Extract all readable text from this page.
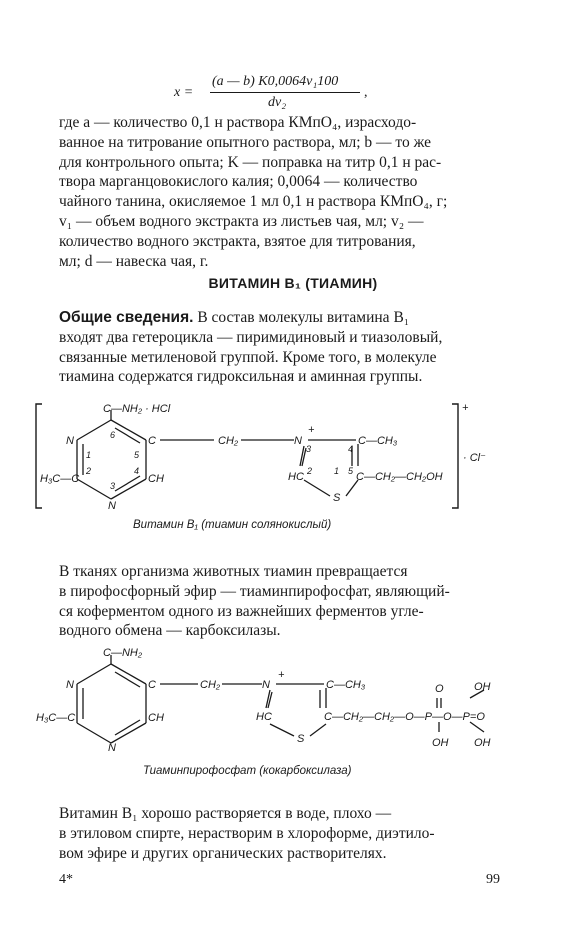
x =
(a — b) K0,0064v₁100
dv₂
,
где a — количество 0,1 н раствора КМпО₄, израсходо-
ванное на титрование опытного раствора, мл; b — то же
для контрольного опыта; K — поправка на титр 0,1 н рас-
твора марганцовокислого калия; 0,0064 — количество
чайного танина, окисляемое 1 мл 0,1 н раствора КМпО₄, г;
v₁ — объем водного экстракта из листьев чая, мл; v₂ —
количество водного экстракта, взятое для титрования,
мл; d — навеска чая, г.
ВИТАМИН В₁ (ТИАМИН)
Общие сведения. В состав молекулы витамина В₁
входят два гетероцикла — пиримидиновый и тиазоловый,
связанные метиленовой группой. Кроме того, в молекуле
тиамина содержатся гидроксильная и аминная группы.
+
· Cl⁻
C—NH₂ · HCl
N
H₃C—C	CH
C
N
1
2
3
4
5
6	CH₂	N
+
C—CH₃
HC	C—CH₂—CH₂OH
S
1
2
3	4
5
Витамин В₁ (тиамин солянокислый)
C—NH₂
N
H₃C—C	CH
C
N
CH₂	N
+
C—CH₃
HC	C—CH₂—CH₂—O—P—O—P=O
S
O	OH
OH OH
Тиаминпирофосфат (кокарбоксилаза)
В тканях организма животных тиамин превращается
в пирофосфорный эфир — тиаминпирофосфат, являющий-
ся коферментом одного из важнейших ферментов угле-
водного обмена — карбоксилазы.
Витамин В₁ хорошо растворяется в воде, плохо —
в этиловом спирте, нерастворим в хлороформе, диэтило-
вом эфире и других органических растворителях.
4*	99
